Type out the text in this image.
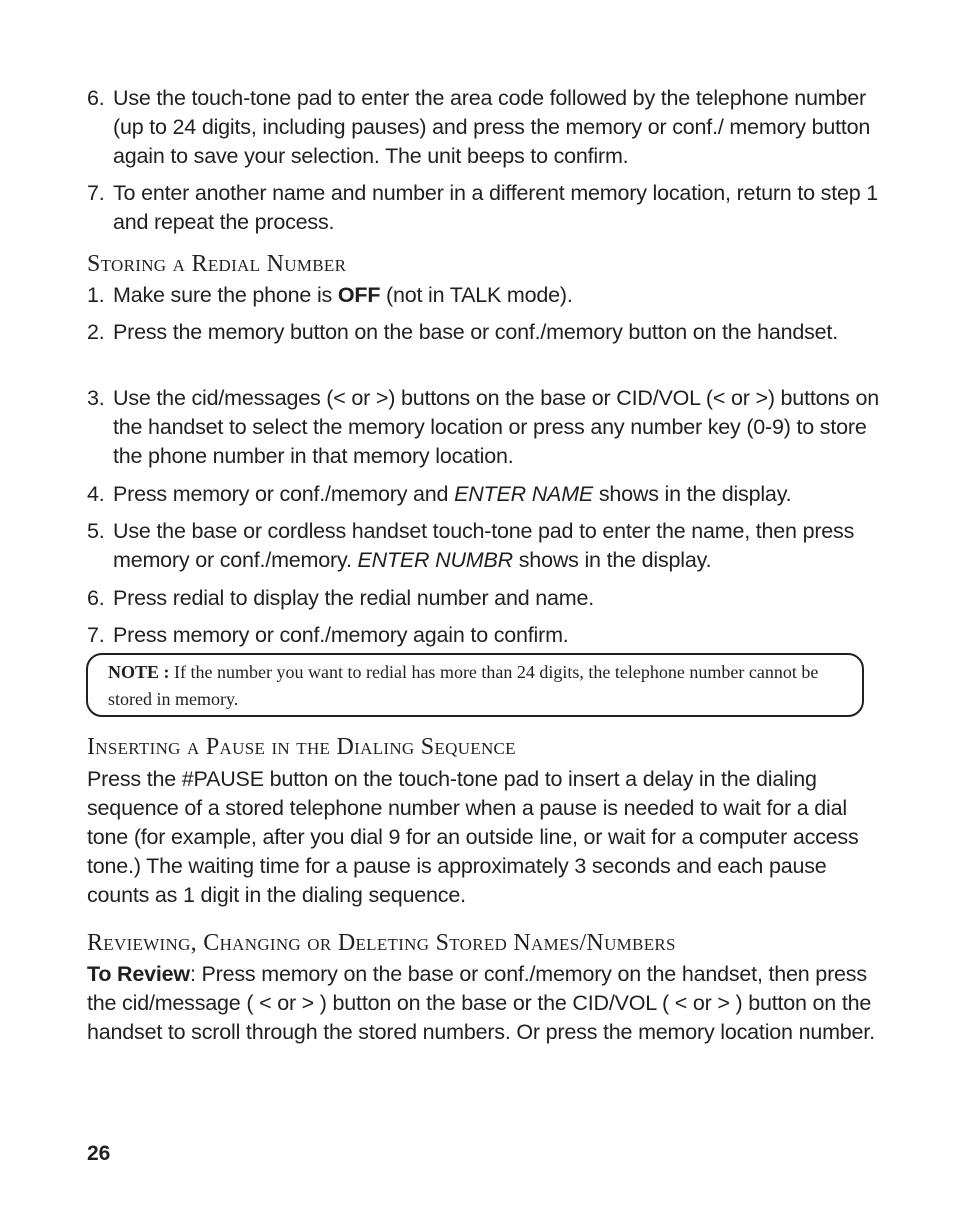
6. Use the touch-tone pad to enter the area code followed by the telephone number (up to 24 digits, including pauses) and press the memory or conf./ memory button again to save your selection. The unit beeps to confirm.
7. To enter another name and number in a different memory location, return to step 1 and repeat the process.
Storing a Redial Number
1. Make sure the phone is OFF (not in TALK mode).
2. Press the memory button on the base or conf./memory button on the handset.
3. Use the cid/messages (< or >) buttons on the base or CID/VOL (< or >) buttons on the handset to select the memory location or press any number key (0-9) to store the phone number in that memory location.
4. Press memory or conf./memory and ENTER NAME shows in the display.
5. Use the base or cordless handset touch-tone pad to enter the name, then press memory or conf./memory. ENTER NUMBR shows in the display.
6. Press redial to display the redial number and name.
7. Press memory or conf./memory again to confirm.
NOTE : If the number you want to redial has more than 24 digits, the telephone number cannot be stored in memory.
Inserting a Pause in the Dialing Sequence
Press the #PAUSE button on the touch-tone pad to insert a delay in the dialing sequence of a stored telephone number when a pause is needed to wait for a dial tone (for example, after you dial 9 for an outside line, or wait for a computer access tone.) The waiting time for a pause is approximately 3 seconds and each pause counts as 1 digit in the dialing sequence.
Reviewing, Changing or Deleting Stored Names/Numbers
To Review: Press memory on the base or conf./memory on the handset, then press the cid/message ( < or > ) button on the base or the CID/VOL ( < or > ) button on the handset to scroll through the stored numbers. Or press the memory location number.
26
